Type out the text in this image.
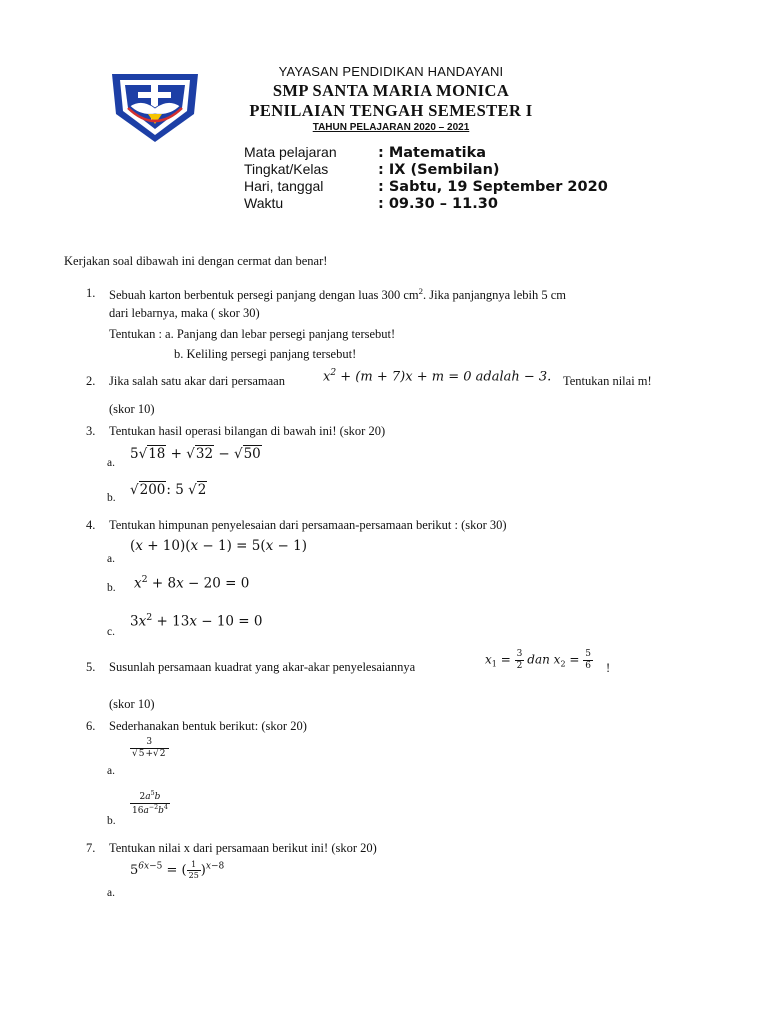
YAYASAN PENDIDIKAN HANDAYANI
SMP SANTA MARIA MONICA
PENILAIAN TENGAH SEMESTER I
TAHUN PELAJARAN 2020 – 2021
Mata pelajaran	: Matematika
Tingkat/Kelas	: IX (Sembilan)
Hari, tanggal	: Sabtu, 19 September 2020
Waktu	: 09.30 – 11.30
Kerjakan soal dibawah ini dengan cermat dan benar!
1. Sebuah karton berbentuk persegi panjang dengan luas 300 $cm^2$. Jika panjangnya lebih 5 cm
dari lebarnya, maka ( skor 30)
Tentukan : a. Panjang dan lebar persegi panjang tersebut!
b. Keliling persegi panjang tersebut!
2. Jika salah satu akar dari persamaan	$x^2 + (m + 7)x + m = 0$ adalah − 3. Tentukan nilai m!
(skor 10)
3. Tentukan hasil operasi bilangan di bawah ini! (skor 20)
5√18 + √32 − √50
a.
√200: 5 √2
b.
4. Tentukan himpunan penyelesaian dari persamaan-persamaan berikut : (skor 30)
(x + 10)(x − 1) = 5(x − 1)
a.
$x^2 + 8x - 20 = 0$
b.
$3x^2 + 13x - 10 = 0$
c.
5. Susunlah persamaan kuadrat yang akar-akar penyelesaiannya
$x_1 = \frac{3}{2}$ dan $x_2 = \frac{5}{6}$ !
(skor 10)
6. Sederhanakan bentuk berikut: (skor 20)
$\frac{3}{√5+√2}$
a.
$\frac{2a^5b}{16a^{-2}b^4}$
b.
7. Tentukan nilai x dari persamaan berikut ini! (skor 20)
$5^{6x-5}$ = ( $\frac{1}{25} )^{x-8}$
a.
